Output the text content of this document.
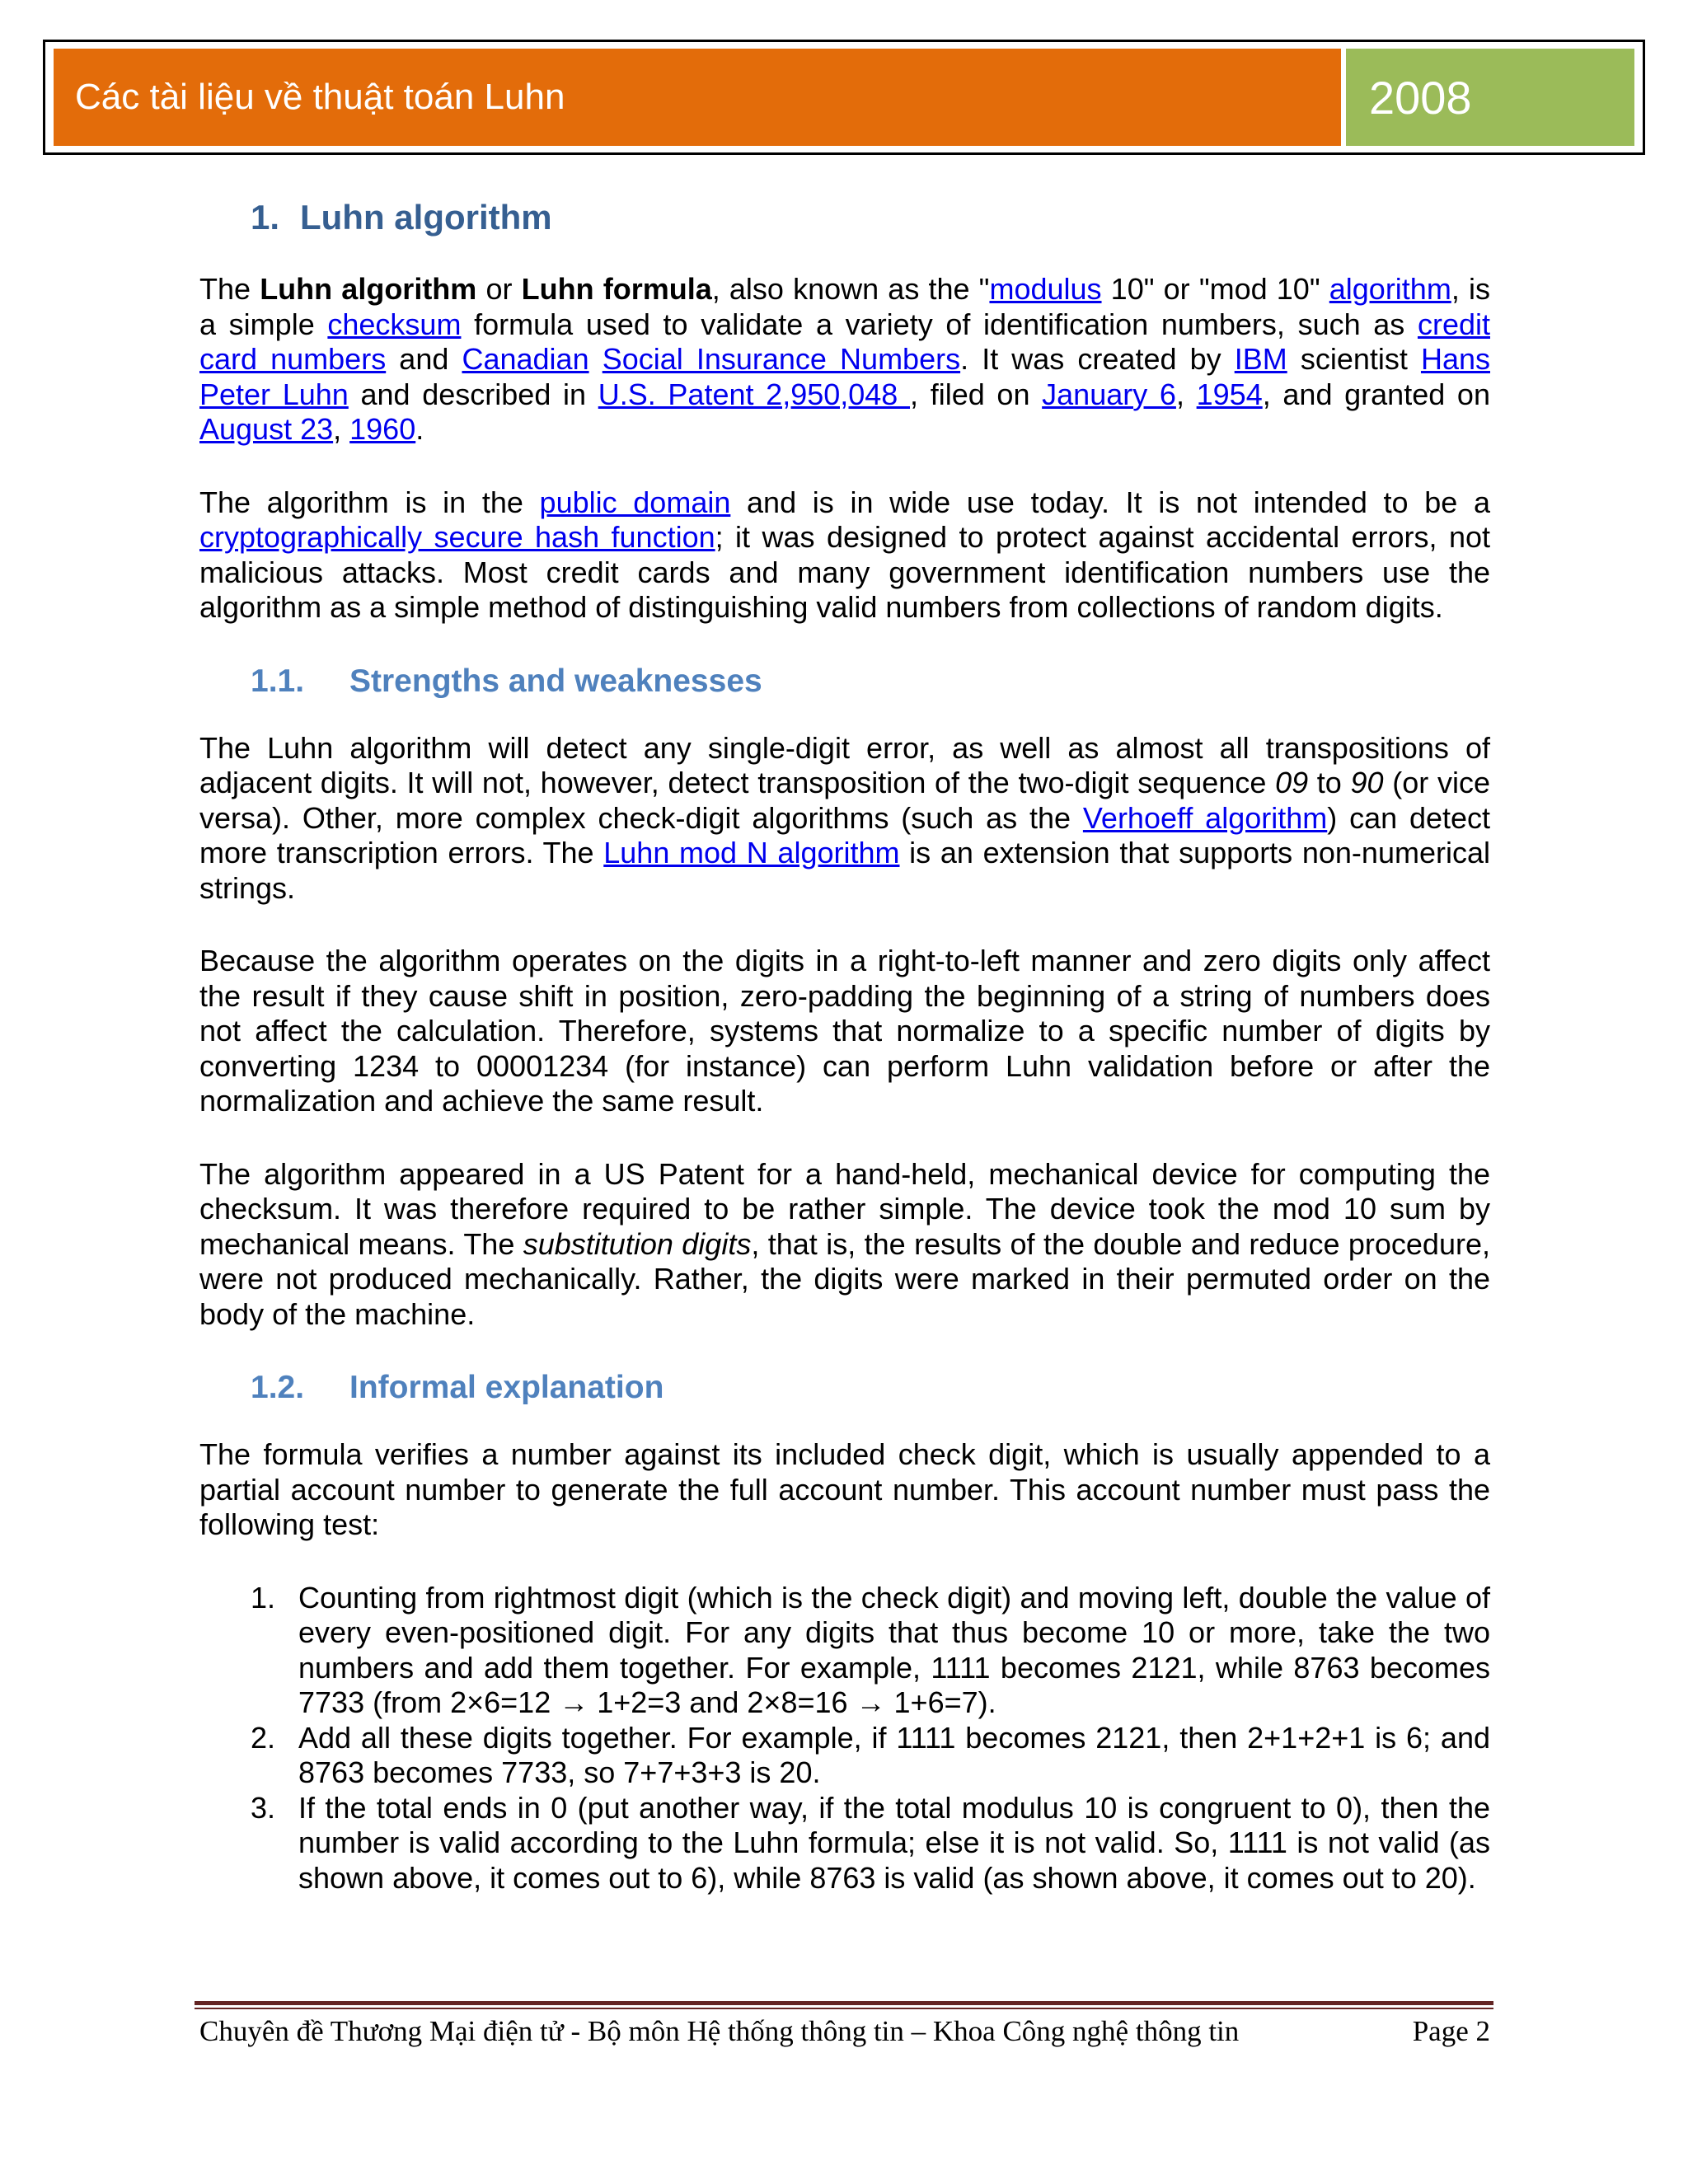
Các tài liệu về thuật toán Luhn	2008
1. Luhn algorithm

The Luhn algorithm or Luhn formula, also known as the "modulus 10" or "mod 10" algorithm, is a simple checksum formula used to validate a variety of identification numbers, such as credit card numbers and Canadian Social Insurance Numbers. It was created by IBM scientist Hans Peter Luhn and described in U.S. Patent 2,950,048 , filed on January 6, 1954, and granted on August 23, 1960.

The algorithm is in the public domain and is in wide use today. It is not intended to be a cryptographically secure hash function; it was designed to protect against accidental errors, not malicious attacks. Most credit cards and many government identification numbers use the algorithm as a simple method of distinguishing valid numbers from collections of random digits.

1.1.	Strengths and weaknesses

The Luhn algorithm will detect any single-digit error, as well as almost all transpositions of adjacent digits. It will not, however, detect transposition of the two-digit sequence 09 to 90 (or vice versa). Other, more complex check-digit algorithms (such as the Verhoeff algorithm) can detect more transcription errors. The Luhn mod N algorithm is an extension that supports non-numerical strings.

Because the algorithm operates on the digits in a right-to-left manner and zero digits only affect the result if they cause shift in position, zero-padding the beginning of a string of numbers does not affect the calculation. Therefore, systems that normalize to a specific number of digits by converting 1234 to 00001234 (for instance) can perform Luhn validation before or after the normalization and achieve the same result.

The algorithm appeared in a US Patent for a hand-held, mechanical device for computing the checksum. It was therefore required to be rather simple. The device took the mod 10 sum by mechanical means. The substitution digits, that is, the results of the double and reduce procedure, were not produced mechanically. Rather, the digits were marked in their permuted order on the body of the machine.

1.2.	Informal explanation

The formula verifies a number against its included check digit, which is usually appended to a partial account number to generate the full account number. This account number must pass the following test:

1. Counting from rightmost digit (which is the check digit) and moving left, double the value of every even-positioned digit. For any digits that thus become 10 or more, take the two numbers and add them together. For example, 1111 becomes 2121, while 8763 becomes 7733 (from 2×6=12 → 1+2=3 and 2×8=16 → 1+6=7).
2. Add all these digits together. For example, if 1111 becomes 2121, then 2+1+2+1 is 6; and 8763 becomes 7733, so 7+7+3+3 is 20.
3. If the total ends in 0 (put another way, if the total modulus 10 is congruent to 0), then the number is valid according to the Luhn formula; else it is not valid. So, 1111 is not valid (as shown above, it comes out to 6), while 8763 is valid (as shown above, it comes out to 20).
Chuyên đề Thương Mại điện tử - Bộ môn Hệ thống thông tin – Khoa Công nghệ thông tin	Page 2
